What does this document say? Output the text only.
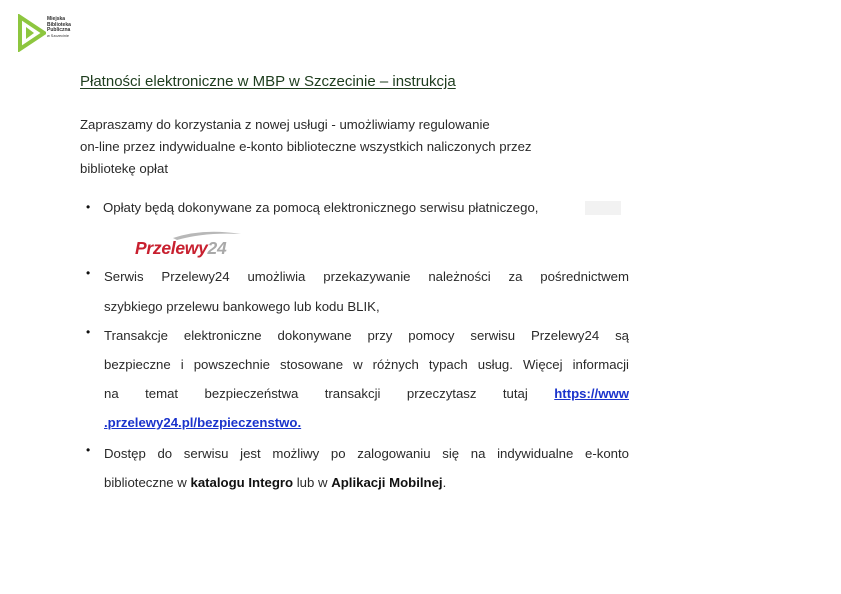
Miejska
Biblioteka
Publiczna
w Szczecinie
Płatności elektroniczne w MBP w Szczecinie – instrukcja
Zapraszamy do korzystania z nowej usługi - umożliwiamy regulowanie
on-line przez indywidualne e-konto biblioteczne wszystkich naliczonych przez
bibliotekę opłat
• Opłaty będą dokonywane za pomocą elektronicznego serwisu płatniczego,
Przelewy24
• Serwis Przelewy24 umożliwia przekazywanie należności za pośrednictwem
szybkiego przelewu bankowego lub kodu BLIK,
• Transakcje elektroniczne dokonywane przy pomocy serwisu Przelewy24 są
bezpieczne i powszechnie stosowane w różnych typach usług. Więcej informacji
na temat bezpieczeństwa transakcji przeczytasz tutaj https://www
.przelewy24.pl/bezpieczenstwo.
• Dostęp do serwisu jest możliwy po zalogowaniu się na indywidualne e-konto
biblioteczne w katalogu Integro lub w Aplikacji Mobilnej.
